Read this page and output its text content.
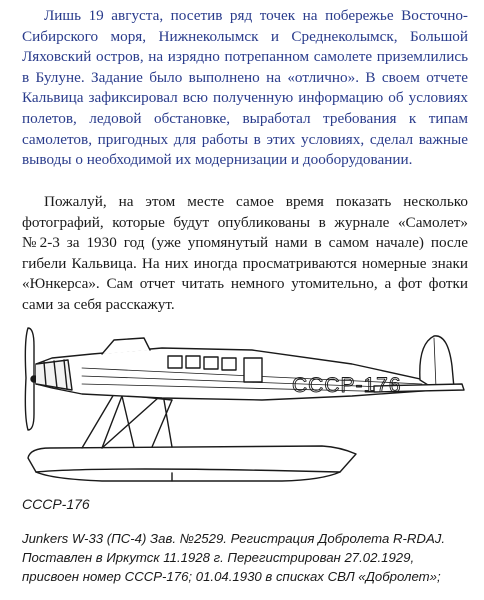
Лишь 19 августа, посетив ряд точек на побережье Восточно-Сибирского моря, Нижнеколымск и Среднеколымск, Большой Ляховский остров, на изрядно потрепанном самолете приземлились в Булуне. Задание было выполнено на «отлично». В своем отчете Кальвица зафиксировал всю полученную информацию об условиях полетов, ледовой обстановке, выработал требования к типам самолетов, пригодных для работы в этих условиях, сделал важные выводы о необходимой их модернизации и дооборудовании.

Пожалуй, на этом месте самое время показать несколько фотографий, которые будут опубликованы в журнале «Самолет» №2-3 за 1930 год (уже упомянутый нами в самом начале) после гибели Кальвица. На них иногда просматриваются номерные знаки «Юнкерса». Сам отчет читать немного утомительно, а фот фотки сами за себя расскажут.

СССР-176

СССР-176

Junkers W-33 (ПС-4) Зав. №2529. Регистрация Добролета R-RDAJ. Поставлен в Иркутск 11.1928 г. Перегистрирован 27.02.1929, присвоен номер СССР-176; 01.04.1930 в списках СВЛ «Добролет»;
